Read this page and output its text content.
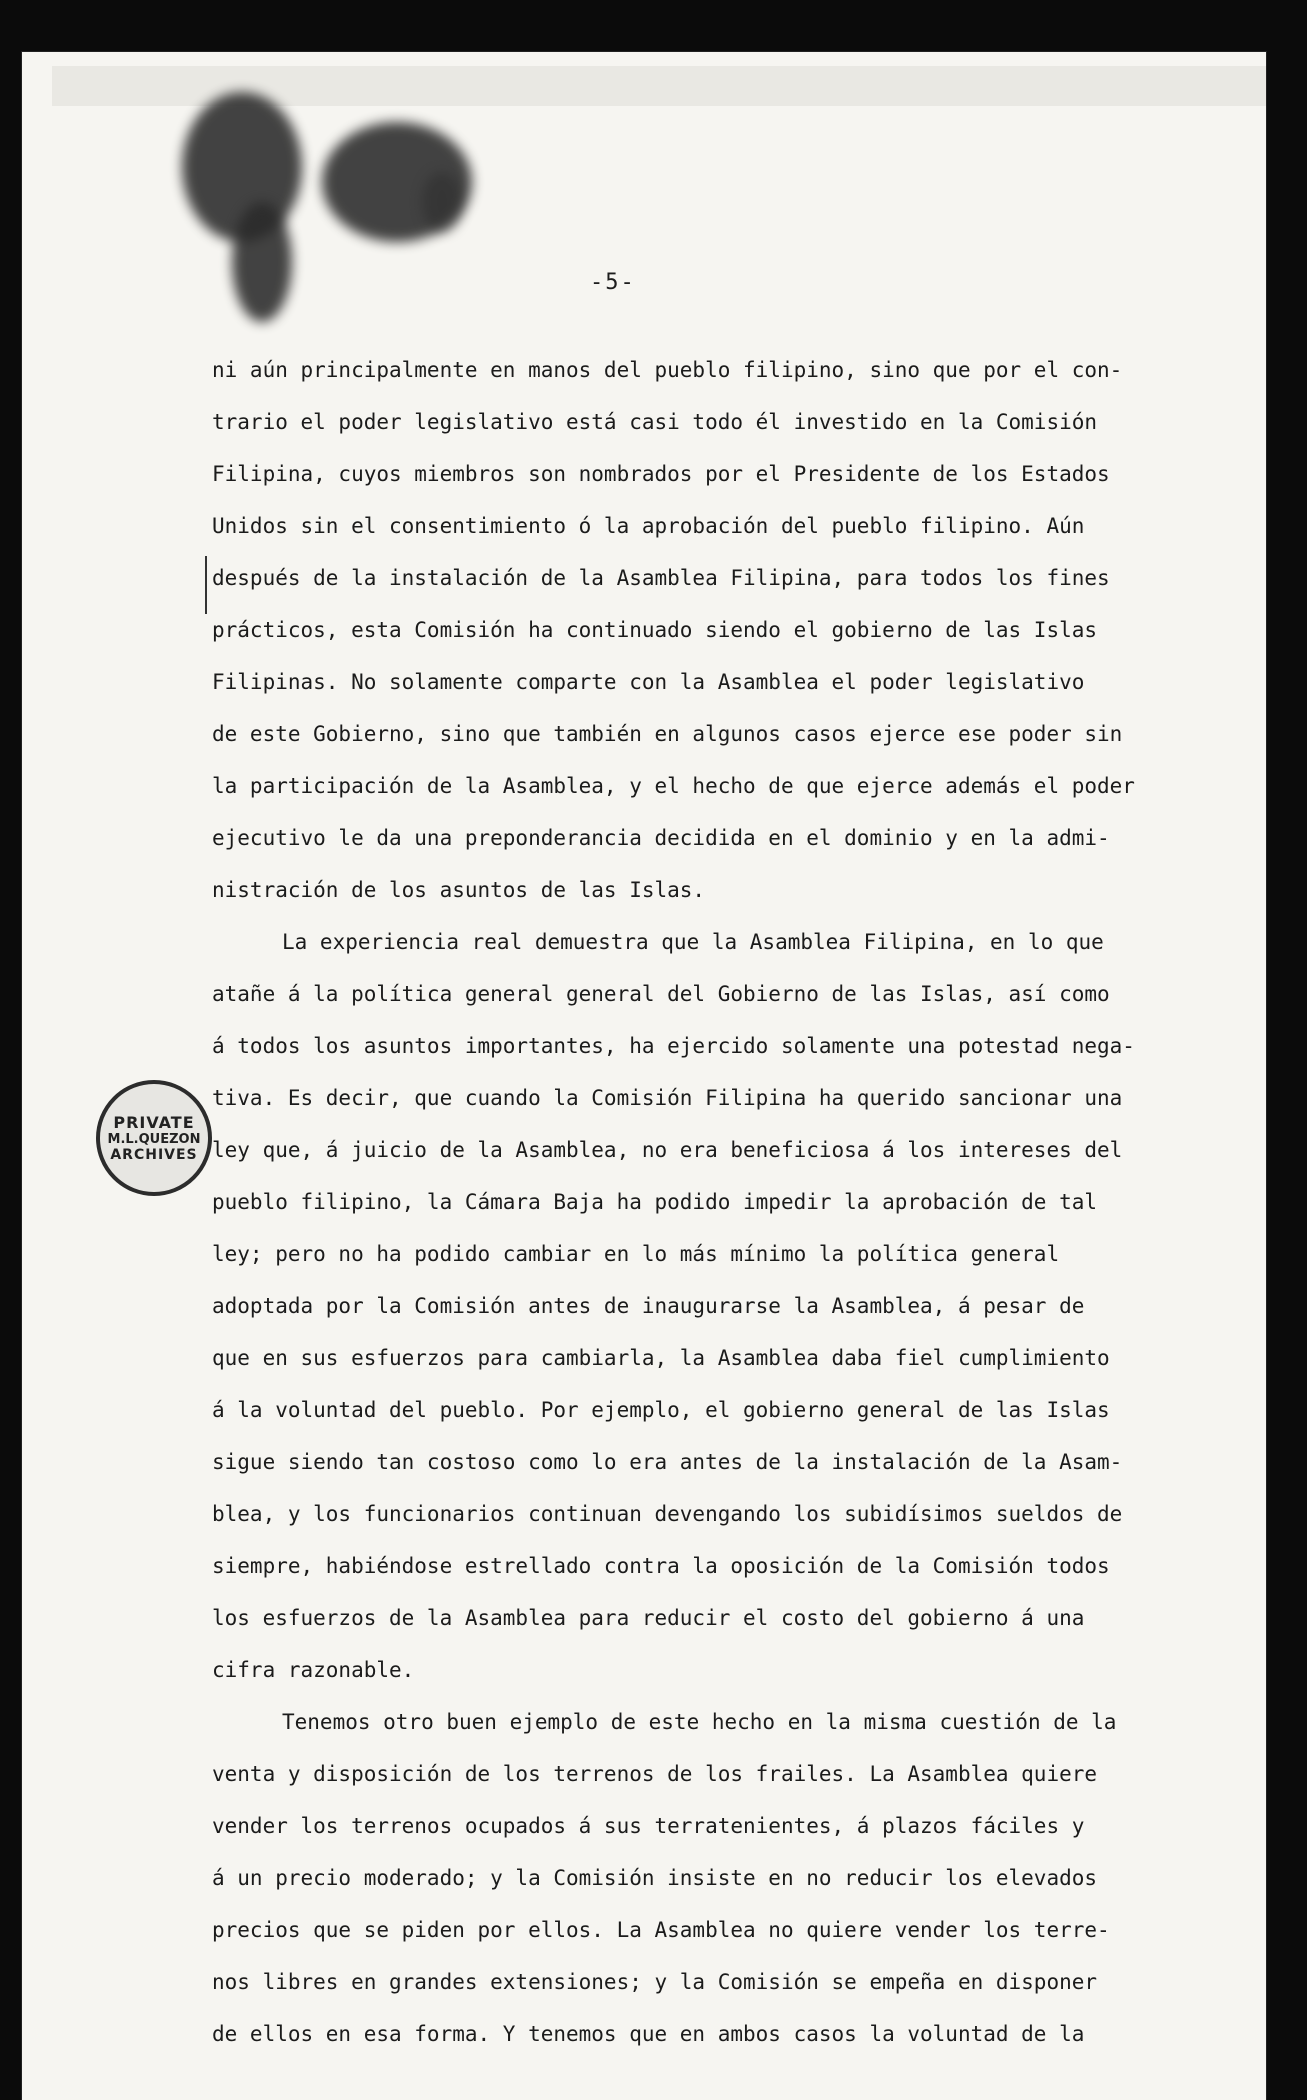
-5-
ni aún principalmente en manos del pueblo filipino, sino que por el con-
trario el poder legislativo está casi todo él investido en la Comisión
Filipina, cuyos miembros son nombrados por el Presidente de los Estados
Unidos sin el consentimiento ó la aprobación del pueblo filipino. Aún
después de la instalación de la Asamblea Filipina, para todos los fines
prácticos, esta Comisión ha continuado siendo el gobierno de las Islas
Filipinas. No solamente comparte con la Asamblea el poder legislativo
de este Gobierno, sino que también en algunos casos ejerce ese poder sin
la participación de la Asamblea, y el hecho de que ejerce además el poder
ejecutivo le da una preponderancia decidida en el dominio y en la admi-
nistración de los asuntos de las Islas.
La experiencia real demuestra que la Asamblea Filipina, en lo que
atañe á la política general general del Gobierno de las Islas, así como
á todos los asuntos importantes, ha ejercido solamente una potestad nega-
tiva. Es decir, que cuando la Comisión Filipina ha querido sancionar una
ley que, á juicio de la Asamblea, no era beneficiosa á los intereses del
pueblo filipino, la Cámara Baja ha podido impedir la aprobación de tal
ley; pero no ha podido cambiar en lo más mínimo la política general
adoptada por la Comisión antes de inaugurarse la Asamblea, á pesar de
que en sus esfuerzos para cambiarla, la Asamblea daba fiel cumplimiento
á la voluntad del pueblo. Por ejemplo, el gobierno general de las Islas
sigue siendo tan costoso como lo era antes de la instalación de la Asam-
blea, y los funcionarios continuan devengando los subidísimos sueldos de
siempre, habiéndose estrellado contra la oposición de la Comisión todos
los esfuerzos de la Asamblea para reducir el costo del gobierno á una
cifra razonable.
Tenemos otro buen ejemplo de este hecho en la misma cuestión de la
venta y disposición de los terrenos de los frailes. La Asamblea quiere
vender los terrenos ocupados á sus terratenientes, á plazos fáciles y
á un precio moderado; y la Comisión insiste en no reducir los elevados
precios que se piden por ellos. La Asamblea no quiere vender los terre-
nos libres en grandes extensiones; y la Comisión se empeña en disponer
de ellos en esa forma. Y tenemos que en ambos casos la voluntad de la
PRIVATE
M.L.QUEZON
ARCHIVES
